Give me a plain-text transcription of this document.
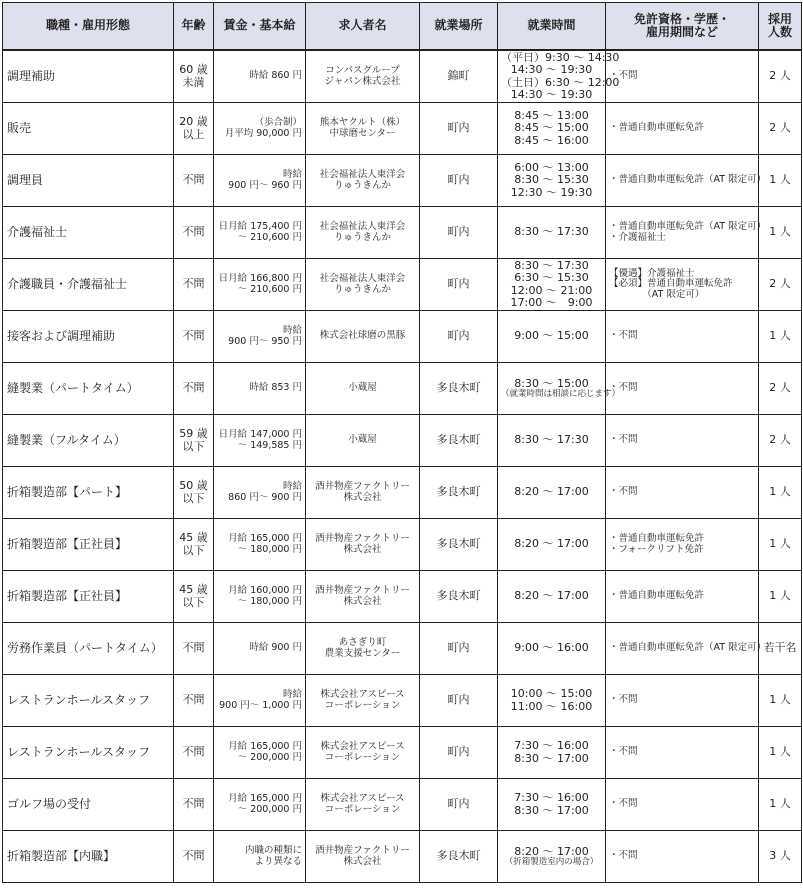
職種・雇用形態	年齢	賃金・基本給	求人者名	就業場所	就業時間	免許資格・学歴・
雇用期間など	採用
人数

調理補助	60 歳
未満	時給 860 円	コンパスグループ
ジャパン株式会社	錦町	（平日）9:30 ～ 14:30
14:30 ～ 19:30
（土日）6:30 ～ 12:00
14:30 ～ 19:30	・不問	2 人
販売	20 歳
以上	（歩合制）
月平均 90,000 円	熊本ヤクルト（株）
中球磨センター	町内	8:45 ～ 13:00
8:45 ～ 15:00
8:45 ～ 16:00	・普通自動車運転免許	2 人
調理員	不問	時給
900 円～ 960 円	社会福祉法人東洋会
りゅうきんか	町内	6:00 ～ 13:00
8:30 ～ 15:30
12:30 ～ 19:30	・普通自動車運転免許（AT 限定可）	1 人
介護福祉士	不問	日月給 175,400 円
～ 210,600 円	社会福祉法人東洋会
りゅうきんか	町内	8:30 ～ 17:30	・普通自動車運転免許（AT 限定可）
・介護福祉士	1 人
介護職員・介護福祉士	不問	日月給 166,800 円
～ 210,600 円	社会福祉法人東洋会
りゅうきんか	町内	8:30 ～ 17:30
6:30 ～ 15:30
12:00 ～ 21:00
17:00 ～　9:00	【優遇】介護福祉士
【必須】普通自動車運転免許
　　　　（AT 限定可）	2 人
接客および調理補助	不問	時給
900 円～ 950 円	株式会社球磨の黒豚	町内	9:00 ～ 15:00	・不問	1 人
縫製業（パートタイム）	不問	時給 853 円	小蔵屋	多良木町	8:30 ～ 15:00
（就業時間は相談に応じます）	・不問	2 人
縫製業（フルタイム）	59 歳
以下	日月給 147,000 円
～ 149,585 円	小蔵屋	多良木町	8:30 ～ 17:30	・不問	2 人
折箱製造部【パート】	50 歳
以下	時給
860 円～ 900 円	酒井物産ファクトリー
株式会社	多良木町	8:20 ～ 17:00	・不問	1 人
折箱製造部【正社員】	45 歳
以下	月給 165,000 円
～ 180,000 円	酒井物産ファクトリー
株式会社	多良木町	8:20 ～ 17:00	・普通自動車運転免許
・フォークリフト免許	1 人
折箱製造部【正社員】	45 歳
以下	月給 160,000 円
～ 180,000 円	酒井物産ファクトリー
株式会社	多良木町	8:20 ～ 17:00	・普通自動車運転免許	1 人
労務作業員（パートタイム）	不問	時給 900 円	あさぎり町
農業支援センター	町内	9:00 ～ 16:00	・普通自動車運転免許（AT 限定可）	若干名
レストランホールスタッフ	不問	時給
900 円～ 1,000 円	株式会社アスピース
コーポレーション	町内	10:00 ～ 15:00
11:00 ～ 16:00	・不問	1 人
レストランホールスタッフ	不問	月給 165,000 円
～ 200,000 円	株式会社アスピース
コーポレーション	町内	7:30 ～ 16:00
8:30 ～ 17:00	・不問	1 人
ゴルフ場の受付	不問	月給 165,000 円
～ 200,000 円	株式会社アスピース
コーポレーション	町内	7:30 ～ 16:00
8:30 ～ 17:00	・不問	1 人
折箱製造部【内職】	不問	内職の種類に
より異なる	酒井物産ファクトリー
株式会社	多良木町	8:20 ～ 17:00
（折箱製造室内の場合）	・不問	3 人
